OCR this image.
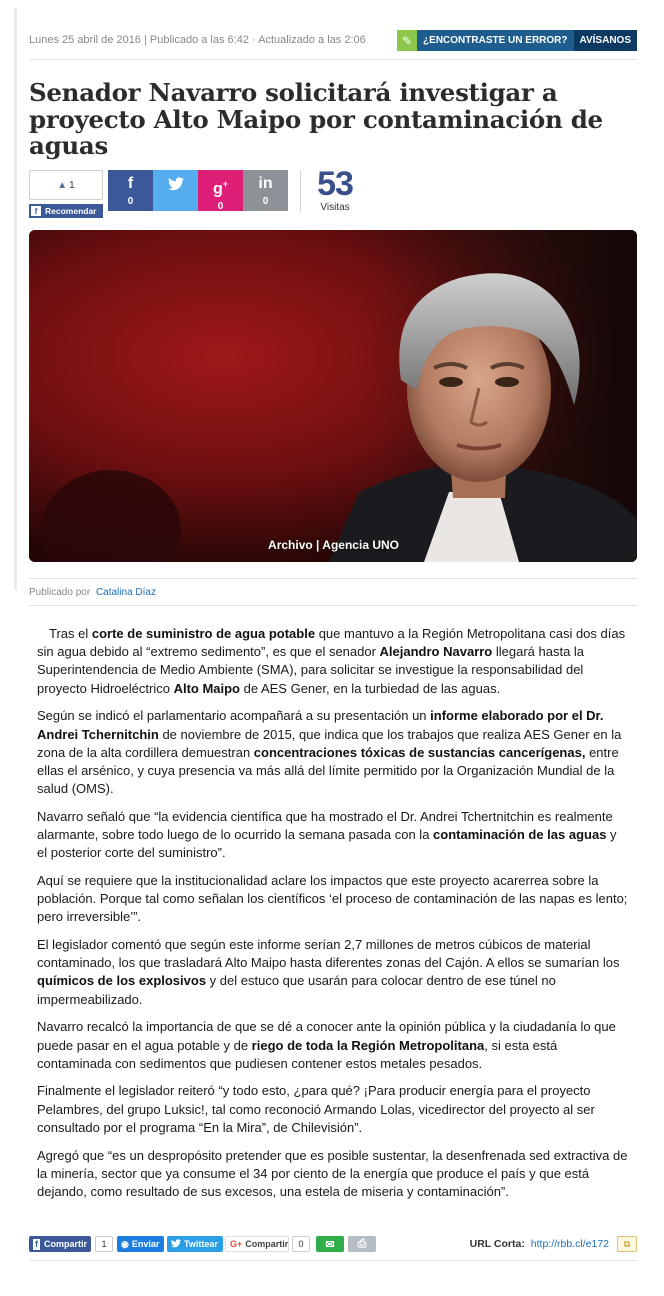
Lunes 25 abril de 2016 | Publicado a las 6:42 · Actualizado a las 2:06	✎	¿ENCONTRASTE UN ERROR?	AVÍSANOS
Senador Navarro solicitará investigar a proyecto Alto Maipo por contaminación de aguas
▲ 1
f Recomendar
f
0
g+
0
in
0	53
Visitas
Archivo | Agencia UNO
Publicado por Catalina Díaz

Tras el corte de suministro de agua potable que mantuvo a la Región Metropolitana casi dos días sin agua debido al “extremo sedimento”, es que el senador Alejandro Navarro llegará hasta la Superintendencia de Medio Ambiente (SMA), para solicitar se investigue la responsabilidad del proyecto Hidroeléctrico Alto Maipo de AES Gener, en la turbiedad de las aguas.

Según se indicó el parlamentario acompañará a su presentación un informe elaborado por el Dr. Andrei Tchernitchin de noviembre de 2015, que indica que los trabajos que realiza AES Gener en la zona de la alta cordillera demuestran concentraciones tóxicas de sustancias cancerígenas, entre ellas el arsénico, y cuya presencia va más allá del límite permitido por la Organización Mundial de la salud (OMS).

Navarro señaló que “la evidencia científica que ha mostrado el Dr. Andrei Tchertnitchin es realmente alarmante, sobre todo luego de lo ocurrido la semana pasada con la contaminación de las aguas y el posterior corte del suministro”.

Aquí se requiere que la institucionalidad aclare los impactos que este proyecto acarerrea sobre la población. Porque tal como señalan los científicos ‘el proceso de contaminación de las napas es lento; pero irreversible’”.

El legislador comentó que según este informe serían 2,7 millones de metros cúbicos de material contaminado, los que trasladará Alto Maipo hasta diferentes zonas del Cajón. A ellos se sumarían los químicos de los explosivos y del estuco que usarán para colocar dentro de ese túnel no impermeabilizado.

Navarro recalcó la importancia de que se dé a conocer ante la opinión pública y la ciudadanía lo que puede pasar en el agua potable y de riego de toda la Región Metropolitana, si esta está contaminada con sedimentos que pudiesen contener estos metales pesados.

Finalmente el legislador reiteró “y todo esto, ¿para qué? ¡Para producir energía para el proyecto Pelambres, del grupo Luksic!, tal como reconoció Armando Lolas, vicedirector del proyecto al ser consultado por el programa “En la Mira”, de Chilevisión”.

Agregó que “es un despropósito pretender que es posible sustentar, la desenfrenada sed extractiva de la minería, sector que ya consume el 34 por ciento de la energía que produce el país y que está dejando, como resultado de sus excesos, una estela de miseria y contaminación”.

f Compartir	1	◉ Enviar	Twittear G+ Compartir	0	✉ ⎙	URL Corta: http://rbb.cl/e172 ⧉
